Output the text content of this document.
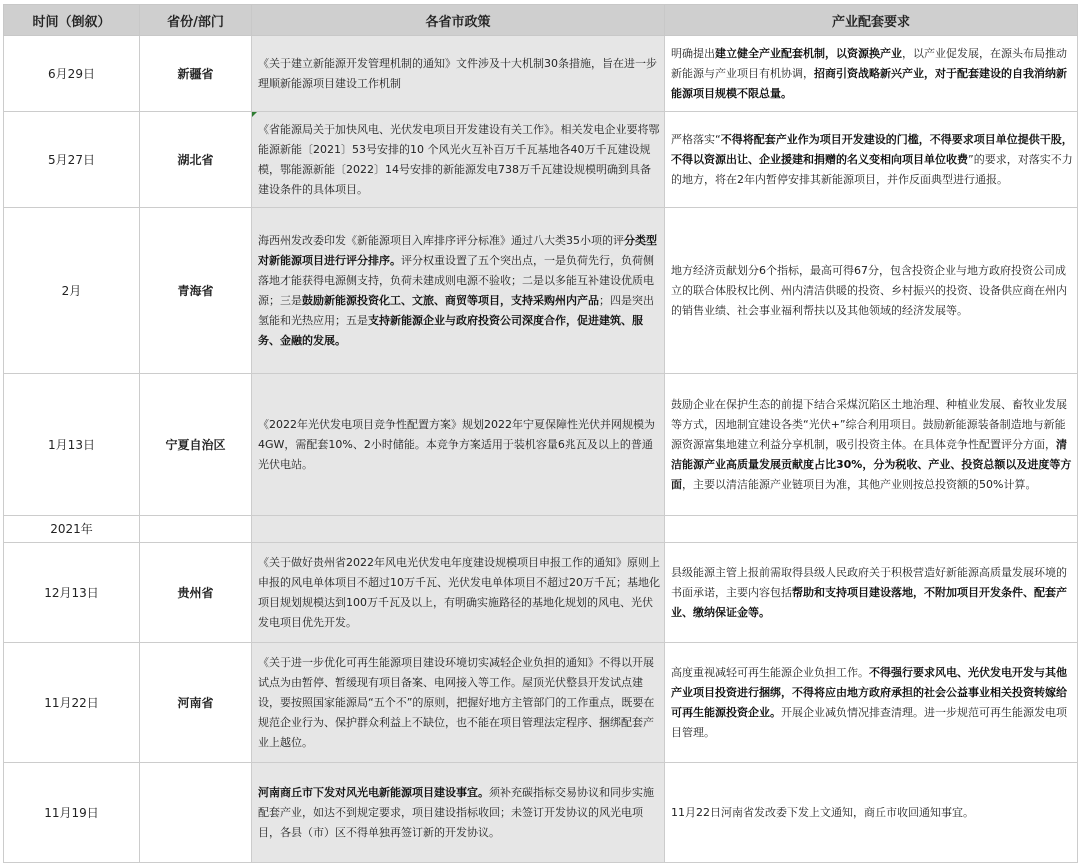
时间（倒叙）	省份/部门	各省市政策	产业配套要求
6月29日	新疆省	《关于建立新能源开发管理机制的通知》文件涉及十大机制30条措施，旨在进一步理顺新能源项目建设工作机制	明确提出建立健全产业配套机制，以资源换产业，以产业促发展，在源头布局推动新能源与产业项目有机协调，招商引资战略新兴产业，对于配套建设的自我消纳新能源项目规模不限总量。
5月27日	湖北省	《省能源局关于加快风电、光伏发电项目开发建设有关工作》。相关发电企业要将鄂能源新能〔2021〕53号安排的10 个风光火互补百万千瓦基地各40万千瓦建设规模，鄂能源新能〔2022〕14号安排的新能源发电738万千瓦建设规模明确到具备建设条件的具体项目。	严格落实“不得将配套产业作为项目开发建设的门槛，不得要求项目单位提供干股，不得以资源出让、企业援建和捐赠的名义变相向项目单位收费”的要求，对落实不力的地方，将在2年内暂停安排其新能源项目，并作反面典型进行通报。
2月	青海省	海西州发改委印发《新能源项目入库排序评分标准》通过八大类35小项的评分类型对新能源项目进行评分排序。评分权重设置了五个突出点，一是负荷先行，负荷侧落地才能获得电源侧支持，负荷未建成则电源不验收；二是以多能互补建设优质电源；三是鼓励新能源投资化工、文旅、商贸等项目，支持采购州内产品；四是突出氢能和光热应用；五是支持新能源企业与政府投资公司深度合作，促进建筑、服务、金融的发展。	地方经济贡献划分6个指标，最高可得67分，包含投资企业与地方政府投资公司成立的联合体股权比例、州内清洁供暖的投资、乡村振兴的投资、设备供应商在州内的销售业绩、社会事业福利帮扶以及其他领域的经济发展等。
1月13日	宁夏自治区	《2022年光伏发电项目竞争性配置方案》规划2022年宁夏保障性光伏并网规模为4GW，需配套10%、2小时储能。本竞争方案适用于装机容量6兆瓦及以上的普通光伏电站。	鼓励企业在保护生态的前提下结合采煤沉陷区土地治理、种植业发展、畜牧业发展等方式，因地制宜建设各类“光伏+”综合利用项目。鼓励新能源装备制造地与新能源资源富集地建立利益分享机制，吸引投资主体。在具体竞争性配置评分方面，清洁能源产业高质量发展贡献度占比30%，分为税收、产业、投资总额以及进度等方面，主要以清洁能源产业链项目为准，其他产业则按总投资额的50%计算。
2021年			
12月13日	贵州省	《关于做好贵州省2022年风电光伏发电年度建设规模项目申报工作的通知》原则上申报的风电单体项目不超过10万千瓦、光伏发电单体项目不超过20万千瓦；基地化项目规划规模达到100万千瓦及以上，有明确实施路径的基地化规划的风电、光伏发电项目优先开发。	县级能源主管上报前需取得县级人民政府关于积极营造好新能源高质量发展环境的书面承诺，主要内容包括帮助和支持项目建设落地，不附加项目开发条件、配套产业、缴纳保证金等。
11月22日	河南省	《关于进一步优化可再生能源项目建设环境切实减轻企业负担的通知》不得以开展试点为由暂停、暂缓现有项目备案、电网接入等工作。屋顶光伏整县开发试点建设，要按照国家能源局“五个不”的原则，把握好地方主管部门的工作重点，既要在规范企业行为、保护群众利益上不缺位，也不能在项目管理法定程序、捆绑配套产业上越位。	高度重视减轻可再生能源企业负担工作。不得强行要求风电、光伏发电开发与其他产业项目投资进行捆绑，不得将应由地方政府承担的社会公益事业相关投资转嫁给可再生能源投资企业。开展企业减负情况排查清理。进一步规范可再生能源发电项目管理。
11月19日		河南商丘市下发对风光电新能源项目建设事宜。须补充碳指标交易协议和同步实施配套产业，如达不到规定要求，项目建设指标收回；未签订开发协议的风光电项目，各县（市）区不得单独再签订新的开发协议。	11月22日河南省发改委下发上文通知，商丘市收回通知事宜。
